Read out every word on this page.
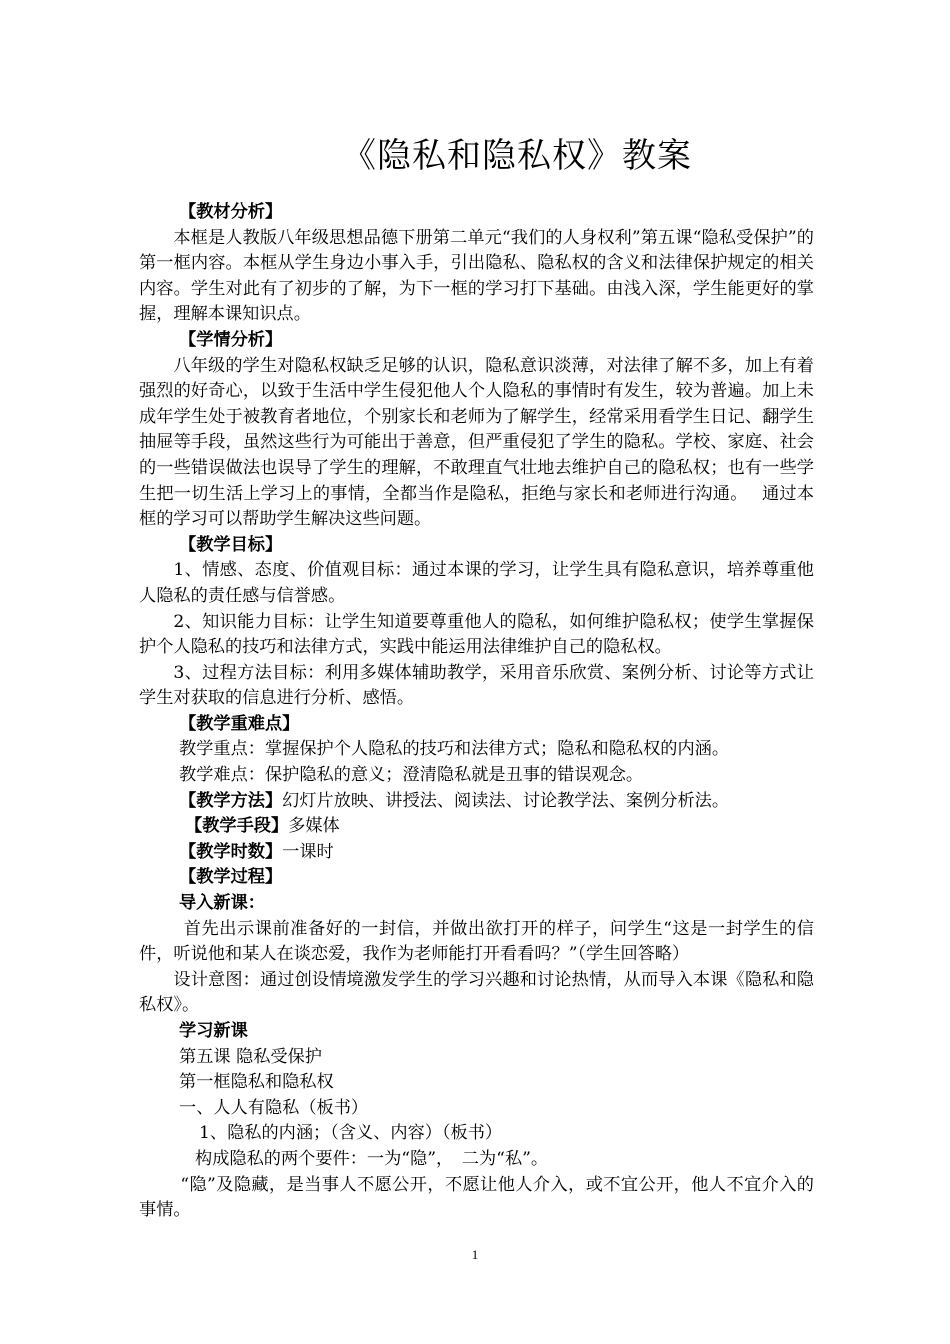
《隐私和隐私权》教案
【教材分析】
本框是人教版八年级思想品德下册第二单元“我们的人身权利”第五课“隐私受保护”的第一框内容。本框从学生身边小事入手，引出隐私、隐私权的含义和法律保护规定的相关内容。学生对此有了初步的了解，为下一框的学习打下基础。由浅入深，学生能更好的掌握，理解本课知识点。
【学情分析】
八年级的学生对隐私权缺乏足够的认识，隐私意识淡薄，对法律了解不多，加上有着强烈的好奇心，以致于生活中学生侵犯他人个人隐私的事情时有发生，较为普遍。加上未成年学生处于被教育者地位，个别家长和老师为了解学生，经常采用看学生日记、翻学生抽屉等手段，虽然这些行为可能出于善意，但严重侵犯了学生的隐私。学校、家庭、社会的一些错误做法也误导了学生的理解，不敢理直气壮地去维护自己的隐私权；也有一些学生把一切生活上学习上的事情，全都当作是隐私，拒绝与家长和老师进行沟通。　 通过本框的学习可以帮助学生解决这些问题。
【教学目标】
1、情感、态度、价值观目标：通过本课的学习，让学生具有隐私意识，培养尊重他人隐私的责任感与信誉感。
2、知识能力目标：让学生知道要尊重他人的隐私，如何维护隐私权；使学生掌握保护个人隐私的技巧和法律方式，实践中能运用法律维护自己的隐私权。
3、过程方法目标：利用多媒体辅助教学，采用音乐欣赏、案例分析、讨论等方式让学生对获取的信息进行分析、感悟。
【教学重难点】
教学重点：掌握保护个人隐私的技巧和法律方式；隐私和隐私权的内涵。
教学难点：保护隐私的意义；澄清隐私就是丑事的错误观念。
【教学方法】幻灯片放映、讲授法、阅读法、讨论教学法、案例分析法。
【教学手段】多媒体
【教学时数】一课时
【教学过程】
导入新课：
首先出示课前准备好的一封信，并做出欲打开的样子，问学生“这是一封学生的信件，听说他和某人在谈恋爱，我作为老师能打开看看吗？”（学生回答略）
设计意图：通过创设情境激发学生的学习兴趣和讨论热情，从而导入本课《隐私和隐私权》。
学习新课
第五课 隐私受保护
第一框隐私和隐私权
一、人人有隐私（板书）
1、隐私的内涵；（含义、内容）（板书）
构成隐私的两个要件：一为“隐”，　二为“私”。
“隐”及隐藏，是当事人不愿公开，不愿让他人介入，或不宜公开，他人不宜介入的事情。
1
